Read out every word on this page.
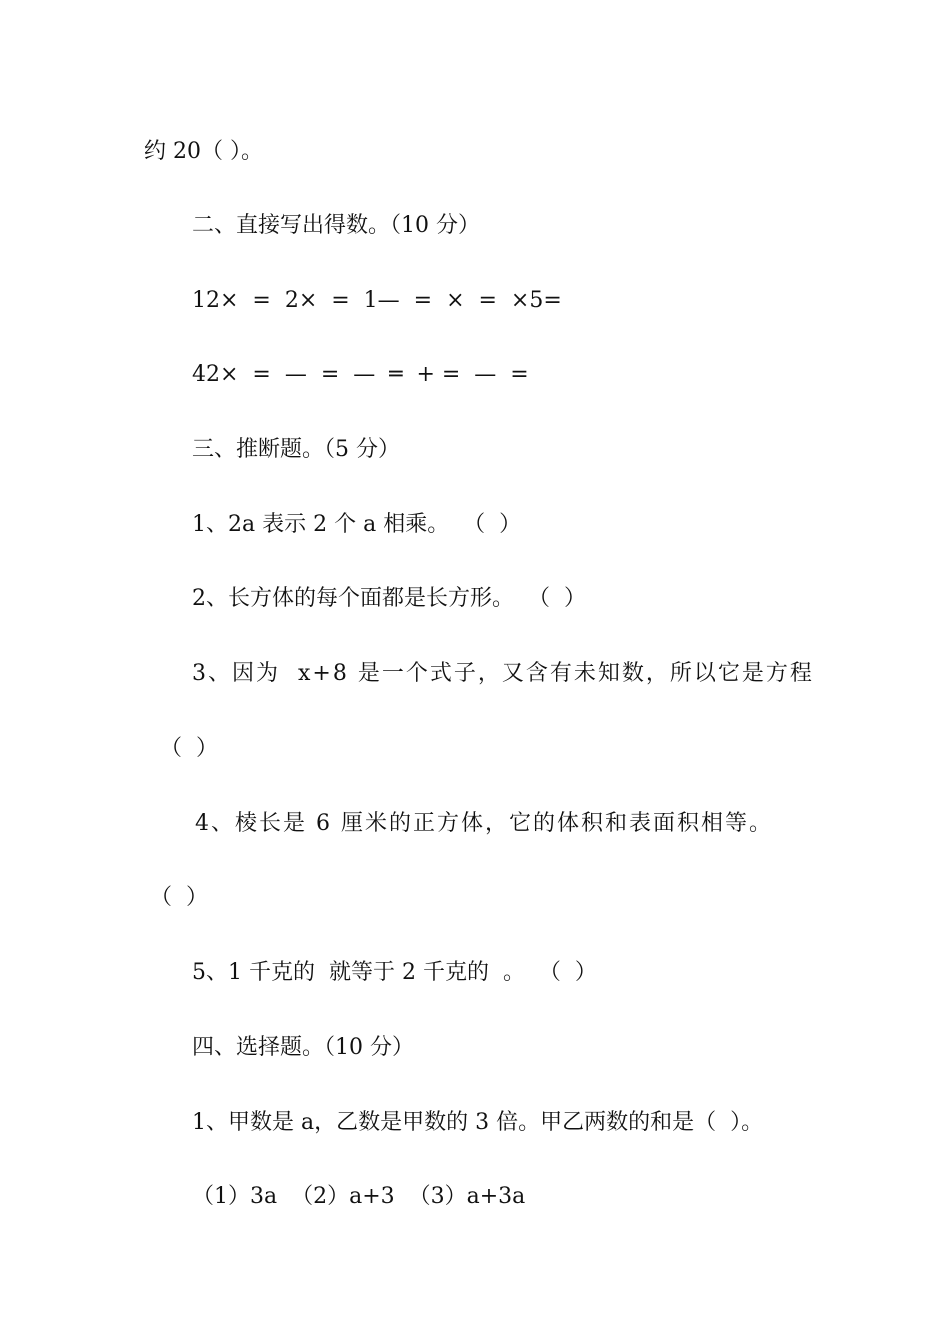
约 20（ ）。
二、直接写出得数。（10 分）
12×  =  2×  =  1—  =  ×  =  ×5=
42×  =  —  =  —  ═  + =  —  =
三、推断题。（5 分）
1、2a 表示 2 个 a 相乘。  （  ）
2、长方体的每个面都是长方形。  （  ）
3、因为  x+8 是一个式子，又含有未知数，所以它是方程
（  ）
4、棱长是 6 厘米的正方体，它的体积和表面积相等。
（  ）
5、1 千克的  就等于 2 千克的  。  （  ）
四、选择题。（10 分）
1、甲数是 a，乙数是甲数的 3 倍。甲乙两数的和是（  ）。
（1）3a  （2）a+3  （3）a+3a
